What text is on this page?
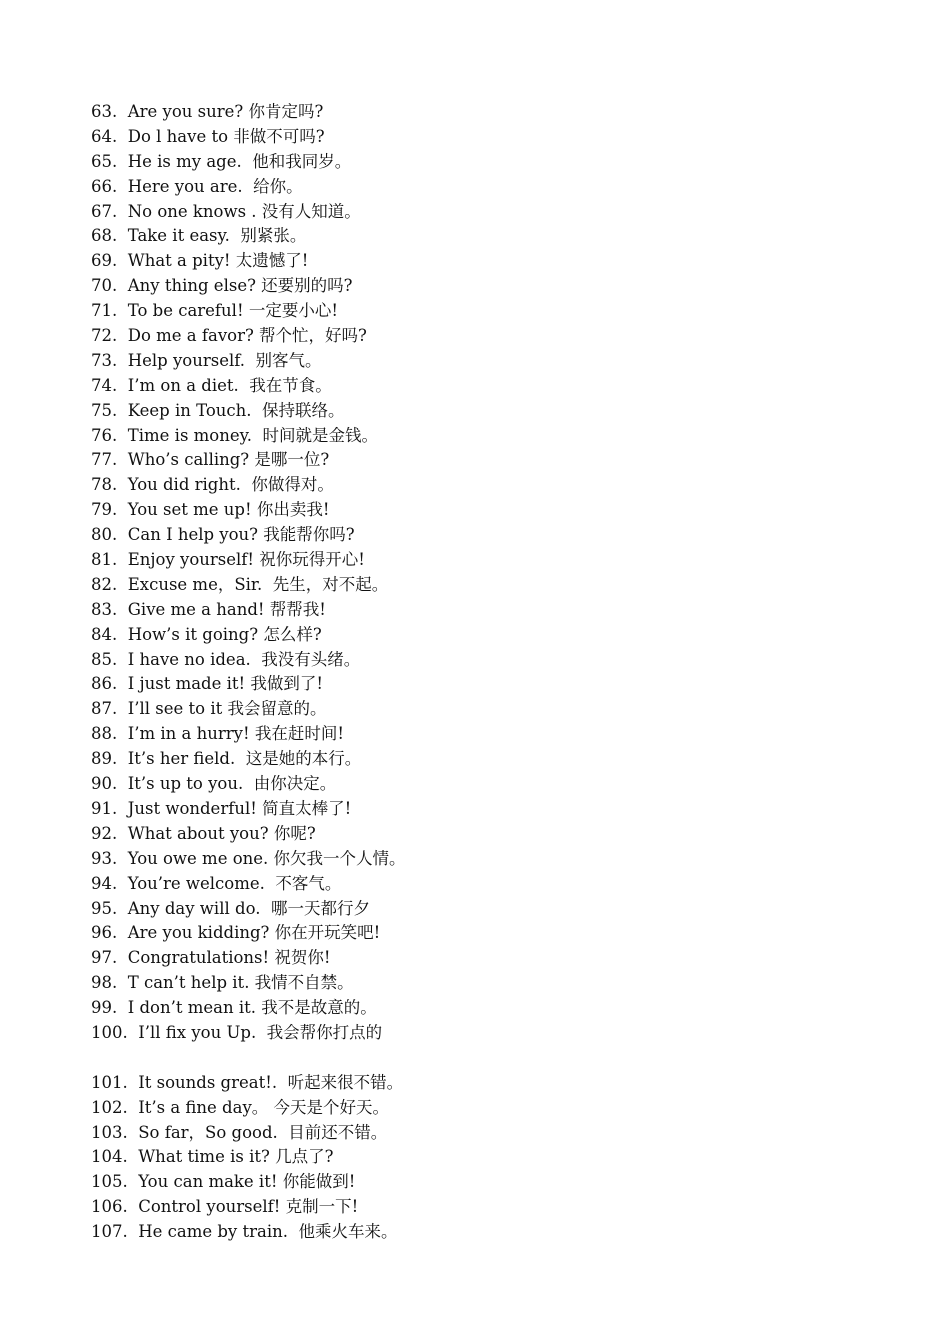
63.  Are you sure? 你肯定吗?
64.  Do l have to 非做不可吗?
65.  He is my age.  他和我同岁。
66.  Here you are.  给你。
67.  No one knows . 没有人知道。
68.  Take it easy.  别紧张。
69.  What a pity! 太遗憾了!
70.  Any thing else? 还要别的吗?
71.  To be careful! 一定要小心!
72.  Do me a favor? 帮个忙，好吗?
73.  Help yourself.  别客气。
74.  I’m on a diet.  我在节食。
75.  Keep in Touch.  保持联络。
76.  Time is money.  时间就是金钱。
77.  Who’s calling? 是哪一位?
78.  You did right.  你做得对。
79.  You set me up! 你出卖我!
80.  Can I help you? 我能帮你吗?
81.  Enjoy yourself! 祝你玩得开心!
82.  Excuse me，Sir.  先生，对不起。
83.  Give me a hand! 帮帮我!
84.  How’s it going? 怎么样?
85.  I have no idea.  我没有头绪。
86.  I just made it! 我做到了!
87.  I’ll see to it 我会留意的。
88.  I’m in a hurry! 我在赶时间!
89.  It’s her field.  这是她的本行。
90.  It’s up to you.  由你决定。
91.  Just wonderful! 简直太棒了!
92.  What about you? 你呢?
93.  You owe me one. 你欠我一个人情。
94.  You’re welcome.  不客气。
95.  Any day will do.  哪一天都行夕
96.  Are you kidding? 你在开玩笑吧!
97.  Congratulations! 祝贺你!
98.  T can’t help it. 我情不自禁。
99.  I don’t mean it. 我不是故意的。
100.  I’ll fix you Up.  我会帮你打点的
101.  It sounds great!.  听起来很不错。
102.  It’s a fine day。 今天是个好天。
103.  So far，So good.  目前还不错。
104.  What time is it? 几点了?
105.  You can make it! 你能做到!
106.  Control yourself! 克制一下!
107.  He came by train.  他乘火车来。
